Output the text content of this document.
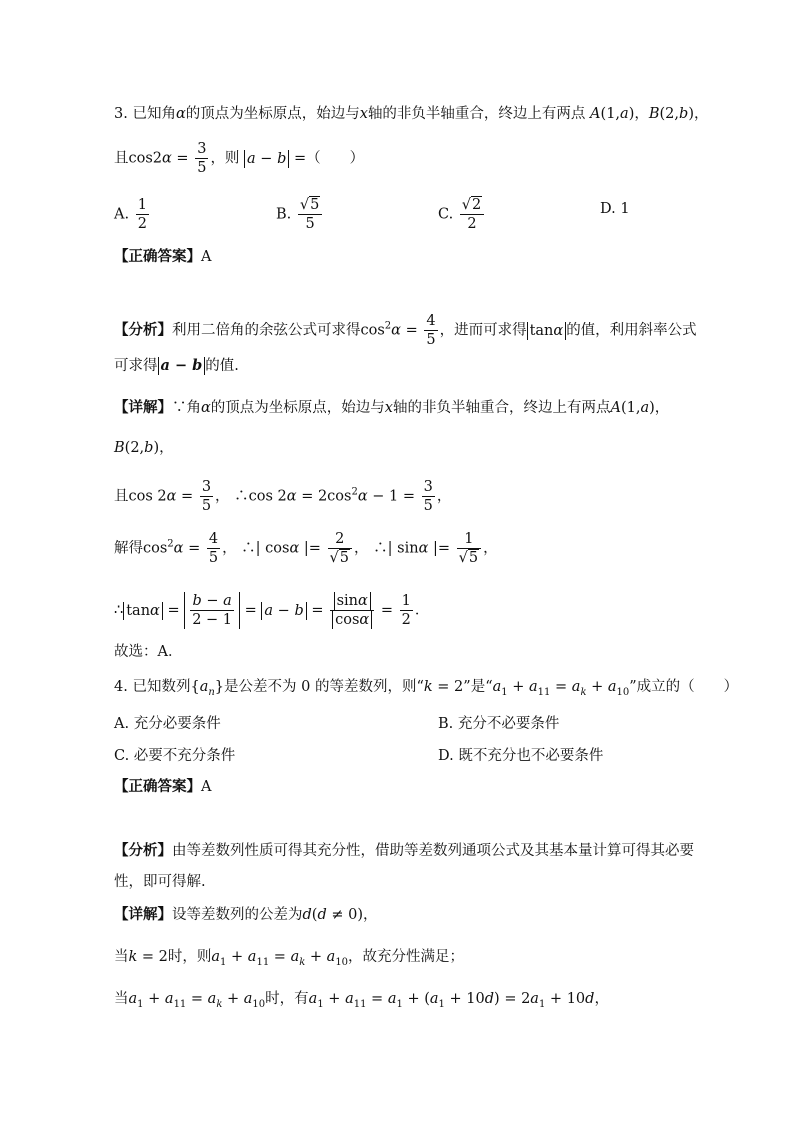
3. 已知角α的顶点为坐标原点，始边与x轴的非负半轴重合，终边上有两点 A(1,a)，B(2,b)，
且$\cos 2\alpha = \frac{3}{5}$ ，则 a − b =（　　）
A. $\frac{1}{2}$	B. $\frac{√5}{5}$	C. $\frac{√2}{2}$	D. 1
【正确答案】A
【分析】利用二倍角的余弦公式可求得$\cos^2\alpha = \frac{4}{5}$ ，进而可求得 tanα 的值，利用斜率公式
可求得 a − b 的值.
【详解】∵角α的顶点为坐标原点，始边与x轴的非负半轴重合，终边上有两点A(1,a)，
B(2,b)，
且$\cos 2\alpha = \frac{3}{5}$ ， ∴cos $2\alpha = 2\cos^2\alpha - 1 = \frac{3}{5}$ ，
解得$\cos^2\alpha = \frac{4}{5}$ ， ∴| cosα |= $\frac{2}{√5}$ ， ∴| sinα |= $\frac{1}{√5}$ ，
∴ $\tan\alpha = \frac{b - a}{2 - 1} = a - b = \frac{\sin\alpha}{\cos\alpha} = \frac{1}{2}$ ．
故选：A．
4. 已知数列$\{a_n\}$是公差不为 0 的等差数列，则“k = 2”是“$a_1 + a_{11} = a_k + a_{10}$”成立的（　　）
A. 充分必要条件	B. 充分不必要条件
C. 必要不充分条件	D. 既不充分也不必要条件
【正确答案】A
【分析】由等差数列性质可得其充分性，借助等差数列通项公式及其基本量计算可得其必要
性，即可得解.
【详解】设等差数列的公差为d(d ≠ 0)，
当k = 2时，则$a_1 + a_{11} = a_k + a_{10}$，故充分性满足；
当$a_1 + a_{11} = a_k + a_{10}$时，有$a_1 + a_{11} = a_1 + (a_1 + 10d) = 2a_1 + 10d$，
